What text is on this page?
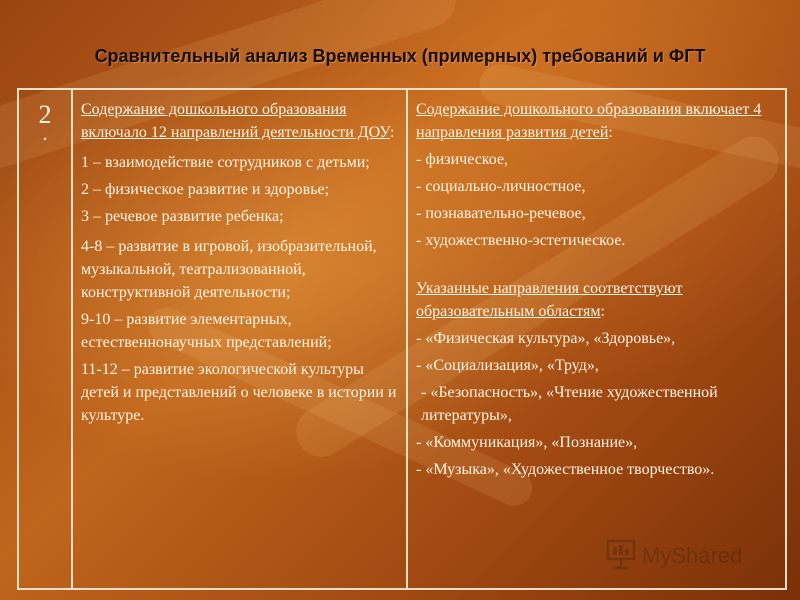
Сравнительный анализ Временных (примерных) требований и ФГТ
2
.

Содержание дошкольного образования включало 12 направлений деятельности ДОУ:

1 – взаимодействие сотрудников с детьми;

2 – физическое развитие и здоровье;

3 – речевое развитие ребенка;

4-8 – развитие в игровой, изобразительной, музыкальной, театрализованной, конструктивной деятельности;

9-10 – развитие элементарных, естественнонаучных представлений;

11-12 – развитие экологической культуры детей и представлений о человеке в истории и культуре.

Содержание дошкольного образования включает 4 направления развития детей:

- физическое,

- социально-личностное,

- познавательно-речевое,

- художественно-эстетическое.

Указанные направления соответствуют образовательным областям:

- «Физическая культура», «Здоровье»,

- «Социализация», «Труд»,

- «Безопасность», «Чтение художественной литературы»,

- «Коммуникация», «Познание»,

- «Музыка», «Художественное творчество».

MyShared
